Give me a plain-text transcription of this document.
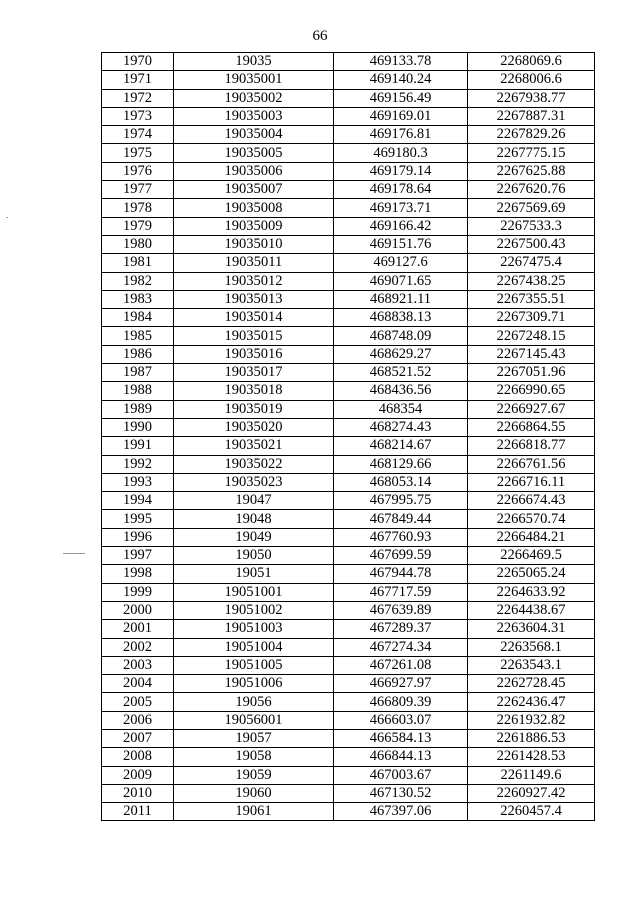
66
1970	19035	469133.78	2268069.6
1971	19035001	469140.24	2268006.6
1972	19035002	469156.49	2267938.77
1973	19035003	469169.01	2267887.31
1974	19035004	469176.81	2267829.26
1975	19035005	469180.3	2267775.15
1976	19035006	469179.14	2267625.88
1977	19035007	469178.64	2267620.76
1978	19035008	469173.71	2267569.69
1979	19035009	469166.42	2267533.3
1980	19035010	469151.76	2267500.43
1981	19035011	469127.6	2267475.4
1982	19035012	469071.65	2267438.25
1983	19035013	468921.11	2267355.51
1984	19035014	468838.13	2267309.71
1985	19035015	468748.09	2267248.15
1986	19035016	468629.27	2267145.43
1987	19035017	468521.52	2267051.96
1988	19035018	468436.56	2266990.65
1989	19035019	468354	2266927.67
1990	19035020	468274.43	2266864.55
1991	19035021	468214.67	2266818.77
1992	19035022	468129.66	2266761.56
1993	19035023	468053.14	2266716.11
1994	19047	467995.75	2266674.43
1995	19048	467849.44	2266570.74
1996	19049	467760.93	2266484.21
1997	19050	467699.59	2266469.5
1998	19051	467944.78	2265065.24
1999	19051001	467717.59	2264633.92
2000	19051002	467639.89	2264438.67
2001	19051003	467289.37	2263604.31
2002	19051004	467274.34	2263568.1
2003	19051005	467261.08	2263543.1
2004	19051006	466927.97	2262728.45
2005	19056	466809.39	2262436.47
2006	19056001	466603.07	2261932.82
2007	19057	466584.13	2261886.53
2008	19058	466844.13	2261428.53
2009	19059	467003.67	2261149.6
2010	19060	467130.52	2260927.42
2011	19061	467397.06	2260457.4
